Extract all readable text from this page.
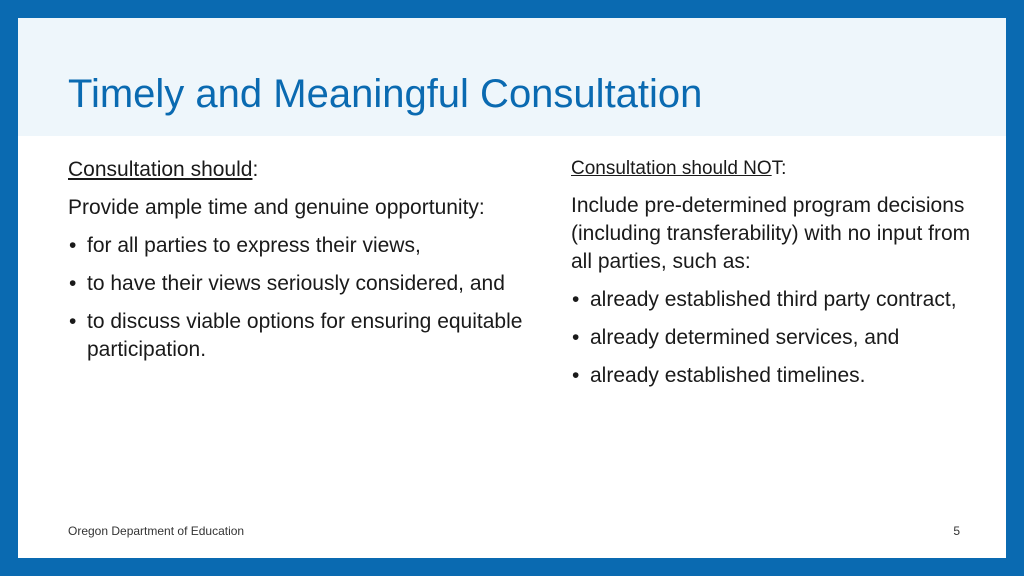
Timely and Meaningful Consultation

Consultation should:

Provide ample time and genuine opportunity:

• for all parties to express their views,
• to have their views seriously considered, and
• to discuss viable options for ensuring equitable participation.

Consultation should NOT:

Include pre-determined program decisions (including transferability) with no input from all parties, such as:

• already established third party contract,
• already determined services, and
• already established timelines.
Oregon Department of Education	5
